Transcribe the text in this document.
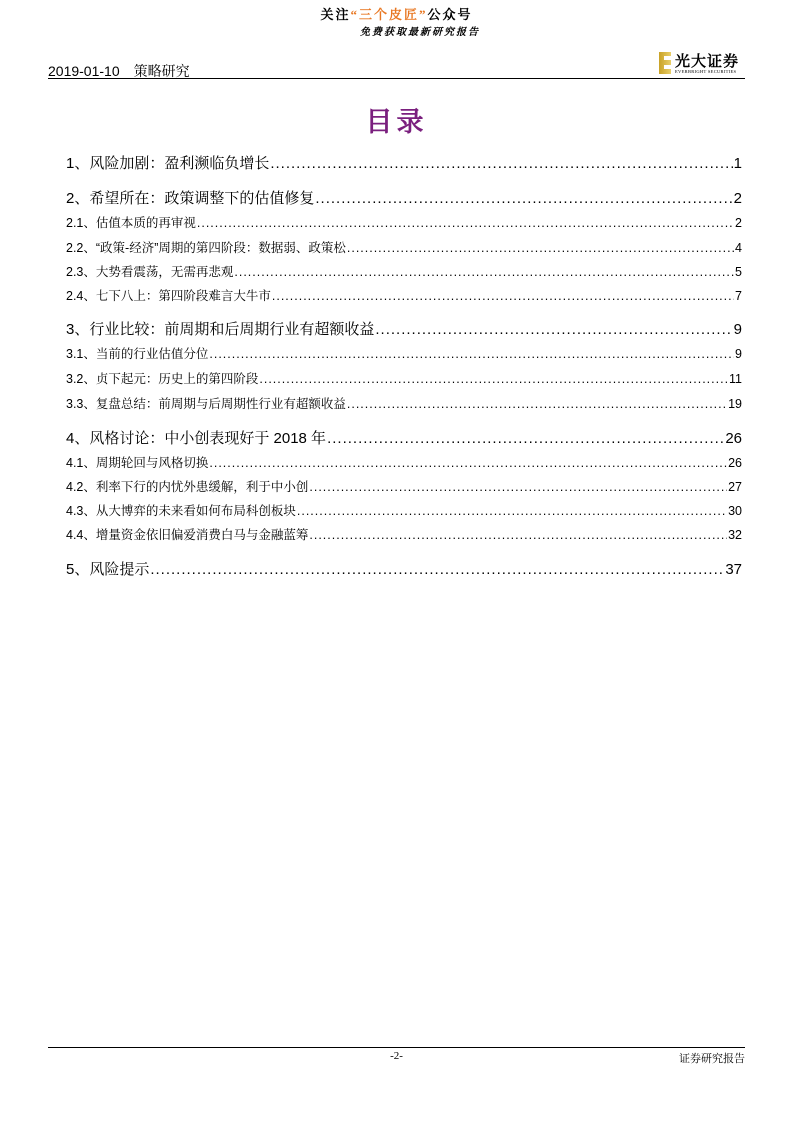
关注“三个皮匠”公众号
免费获取最新研究报告
2019-01-10 策略研究
光大证券
EVERBRIGHT SECURITIES
目录
1、风险加剧：盈利濒临负增长 .....	1
2、希望所在：政策调整下的估值修复 .....	2
2.1、估值本质的再审视 .....	2
2.2、“政策-经济”周期的第四阶段：数据弱、政策松 .....	4
2.3、大势看震荡，无需再悲观 .....	5
2.4、七下八上：第四阶段难言大牛市 .....	7
3、行业比较：前周期和后周期行业有超额收益 .....	9
3.1、当前的行业估值分位 .....	9
3.2、贞下起元：历史上的第四阶段 .....	11
3.3、复盘总结：前周期与后周期性行业有超额收益 .....	19
4、风格讨论：中小创表现好于 2018 年 .....	26
4.1、周期轮回与风格切换 .....	26
4.2、利率下行的内忧外患缓解，利于中小创 .....	27
4.3、从大博弈的未来看如何布局科创板块 .....	30
4.4、增量资金依旧偏爱消费白马与金融蓝筹 .....	32
5、风险提示 .....	37
-2-	证券研究报告
